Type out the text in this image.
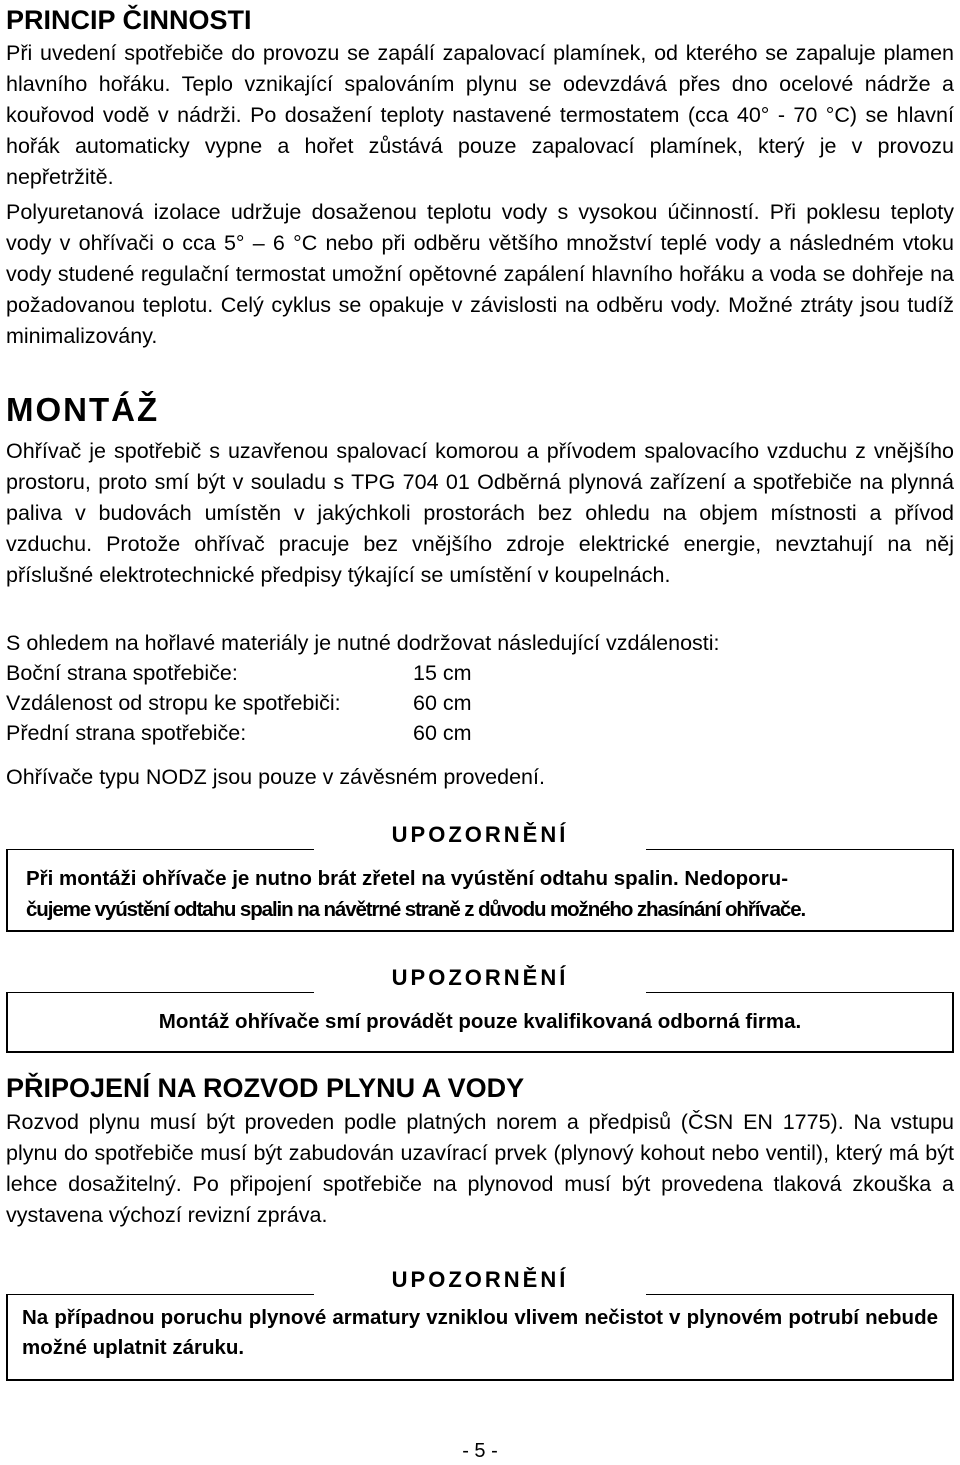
PRINCIP ČINNOSTI

Při uvedení spotřebiče do provozu se zapálí zapalovací plamínek, od kterého se zapaluje plamen hlavního hořáku. Teplo vznikající spalováním plynu se odevzdává přes dno ocelové nádrže a kouřovod vodě v nádrži. Po dosažení teploty nastavené termostatem (cca 40° - 70 °C) se hlavní hořák automaticky vypne a hořet zůstává pouze zapalovací plamínek, který je v provozu nepřetržitě.

Polyuretanová izolace udržuje dosaženou teplotu vody s vysokou účinností. Při poklesu teploty vody v ohřívači o cca 5° – 6 °C nebo při odběru většího množství teplé vody a následném vtoku vody studené regulační termostat umožní opětovné zapálení hlavního hořáku a voda se dohřeje na požadovanou teplotu. Celý cyklus se opakuje v závislosti na odběru vody. Možné ztráty jsou tudíž minimalizovány.

MONTÁŽ

Ohřívač je spotřebič s uzavřenou spalovací komorou a přívodem spalovacího vzduchu z vnějšího prostoru, proto smí být v souladu s TPG 704 01 Odběrná plynová zařízení a spotřebiče na plynná paliva v budovách umístěn v jakýchkoli prostorách bez ohledu na objem místnosti a přívod vzduchu. Protože ohřívač pracuje bez vnějšího zdroje elektrické energie, nevztahují na něj příslušné elektrotechnické předpisy týkající se umístění v koupelnách.

S ohledem na hořlavé materiály je nutné dodržovat následující vzdálenosti:

Boční strana spotřebiče:	15 cm
Vzdálenost od stropu ke spotřebiči:	60 cm
Přední strana spotřebiče:	60 cm

Ohřívače typu NODZ jsou pouze v závěsném provedení.

UPOZORNĚNÍ
Při montáži ohřívače je nutno brát zřetel na vyústění odtahu spalin. Nedoporu-
čujeme vyústění odtahu spalin na návětrné straně z důvodu možného zhasínání ohřívače.
UPOZORNĚNÍ
Montáž ohřívače smí provádět pouze kvalifikovaná odborná firma.
PŘIPOJENÍ NA ROZVOD PLYNU A VODY

Rozvod plynu musí být proveden podle platných norem a předpisů (ČSN EN 1775). Na vstupu plynu do spotřebiče musí být zabudován uzavírací prvek (plynový kohout nebo ventil), který má být lehce dosažitelný. Po připojení spotřebiče na plynovod musí být provedena tlaková zkouška a vystavena výchozí revizní zpráva.

UPOZORNĚNÍ
Na případnou poruchu plynové armatury vzniklou vlivem nečistot v plynovém potrubí nebude možné uplatnit záruku.
- 5 -
